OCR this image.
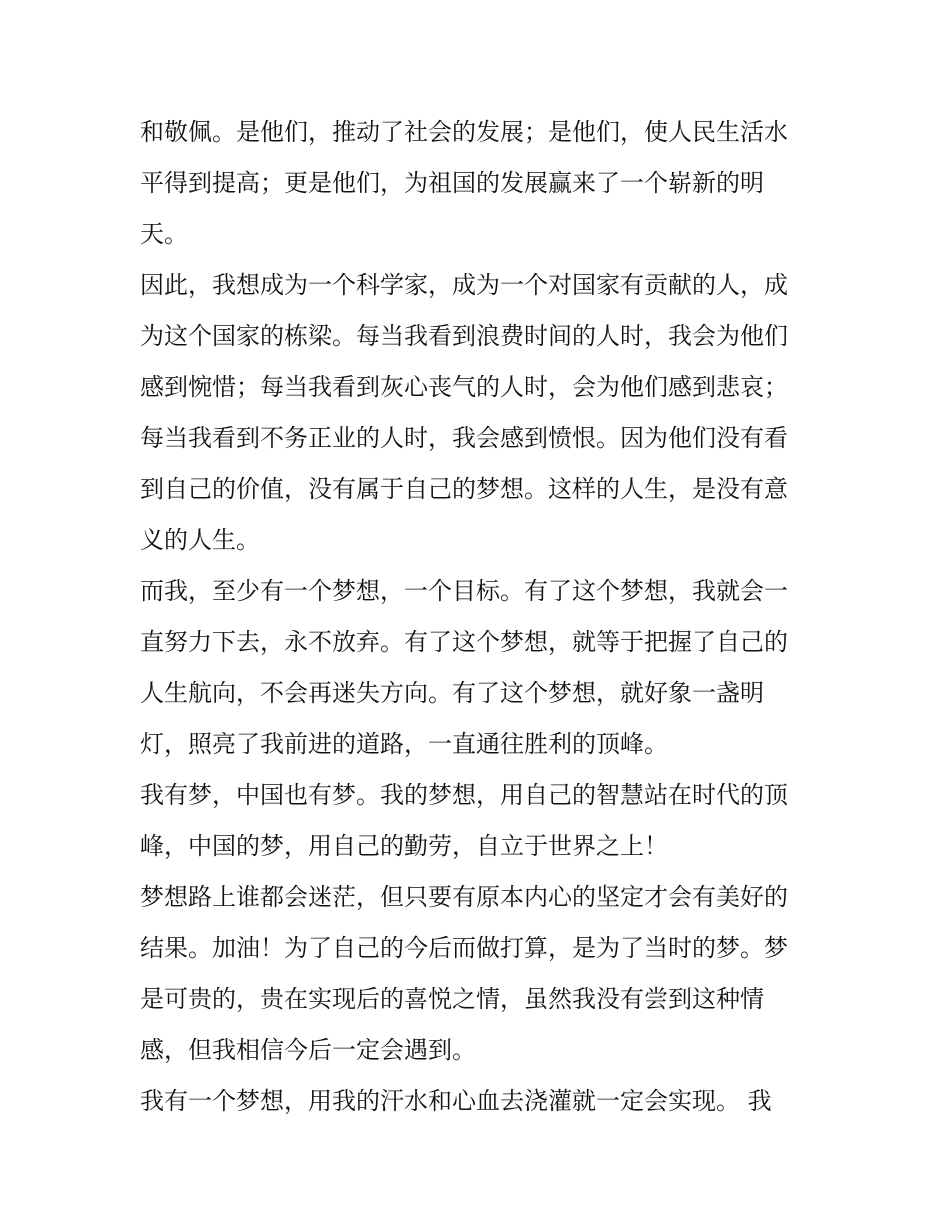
和敬佩。是他们，推动了社会的发展；是他们，使人民生活水
平得到提高；更是他们，为祖国的发展赢来了一个崭新的明
天。
因此，我想成为一个科学家，成为一个对国家有贡献的人，成
为这个国家的栋梁。每当我看到浪费时间的人时，我会为他们
感到惋惜；每当我看到灰心丧气的人时，会为他们感到悲哀；
每当我看到不务正业的人时，我会感到愤恨。因为他们没有看
到自己的价值，没有属于自己的梦想。这样的人生，是没有意
义的人生。
而我，至少有一个梦想，一个目标。有了这个梦想，我就会一
直努力下去，永不放弃。有了这个梦想，就等于把握了自己的
人生航向，不会再迷失方向。有了这个梦想，就好象一盏明
灯，照亮了我前进的道路，一直通往胜利的顶峰。
我有梦，中国也有梦。我的梦想，用自己的智慧站在时代的顶
峰，中国的梦，用自己的勤劳，自立于世界之上！
梦想路上谁都会迷茫，但只要有原本内心的坚定才会有美好的
结果。加油！为了自己的今后而做打算，是为了当时的梦。梦
是可贵的，贵在实现后的喜悦之情，虽然我没有尝到这种情
感，但我相信今后一定会遇到。
我有一个梦想，用我的汗水和心血去浇灌就一定会实现。 我
